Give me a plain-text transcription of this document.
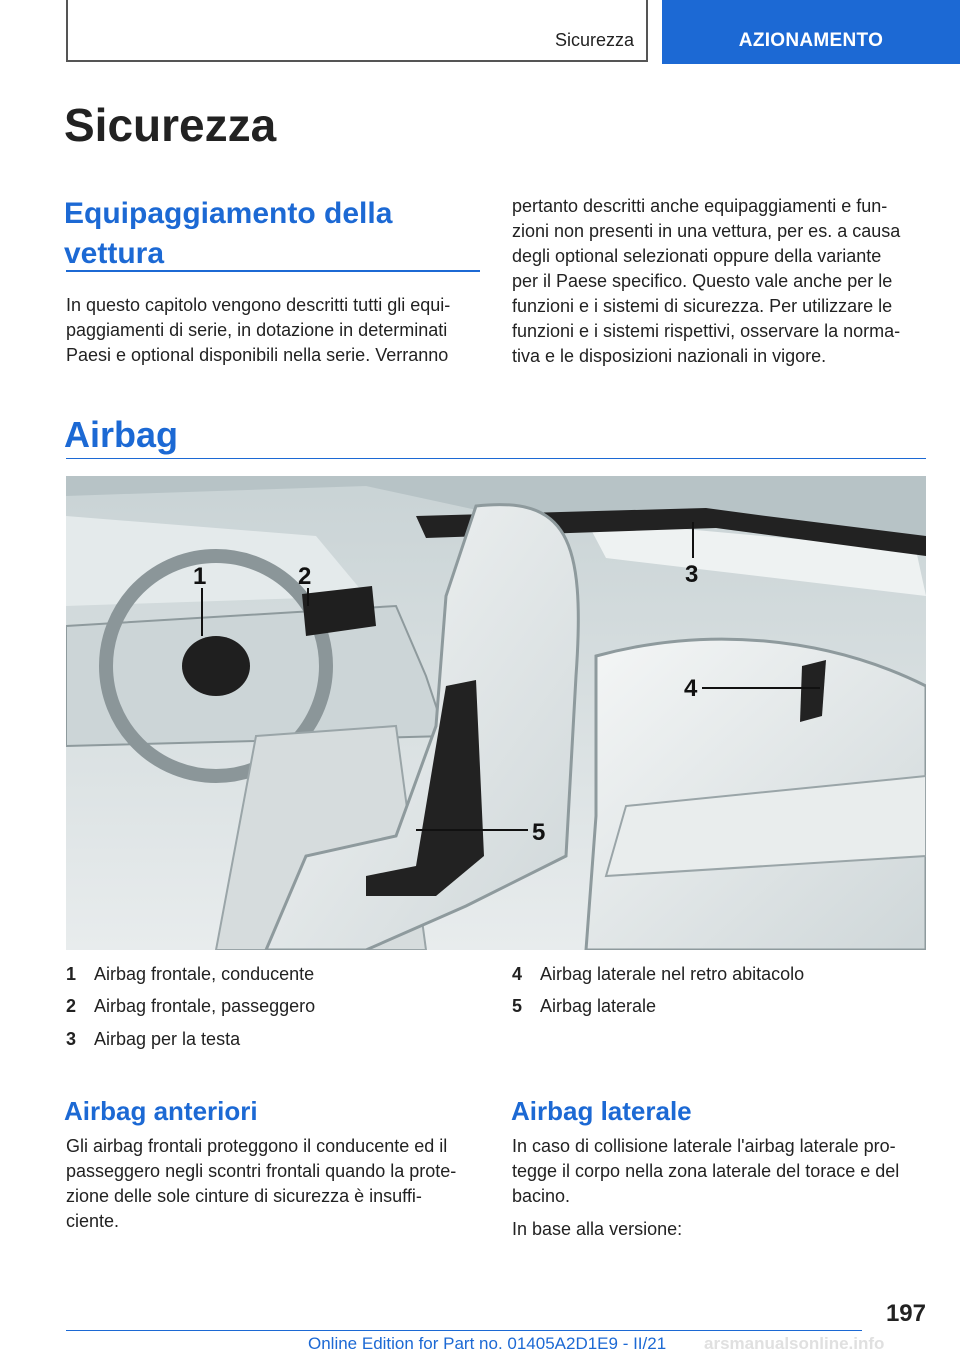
Sicurezza	AZIONAMENTO
Sicurezza
Equipaggiamento della vettura
In questo capitolo vengono descritti tutti gli equi-
paggiamenti di serie, in dotazione in determinati
Paesi e optional disponibili nella serie. Verranno
pertanto descritti anche equipaggiamenti e fun-
zioni non presenti in una vettura, per es. a causa
degli optional selezionati oppure della variante
per il Paese specifico. Questo vale anche per le
funzioni e i sistemi di sicurezza. Per utilizzare le
funzioni e i sistemi rispettivi, osservare la norma-
tiva e le disposizioni nazionali in vigore.
Airbag
1	2	3
4
5
1 Airbag frontale, conducente
2 Airbag frontale, passeggero
3 Airbag per la testa
4 Airbag laterale nel retro abitacolo
5 Airbag laterale
Airbag anteriori
Gli airbag frontali proteggono il conducente ed il
passeggero negli scontri frontali quando la prote-
zione delle sole cinture di sicurezza è insuffi-
ciente.
Airbag laterale
In caso di collisione laterale l'airbag laterale pro-
tegge il corpo nella zona laterale del torace e del
bacino.
In base alla versione:
197
Online Edition for Part no. 01405A2D1E9 - II/21 arsmanualsonline.info
